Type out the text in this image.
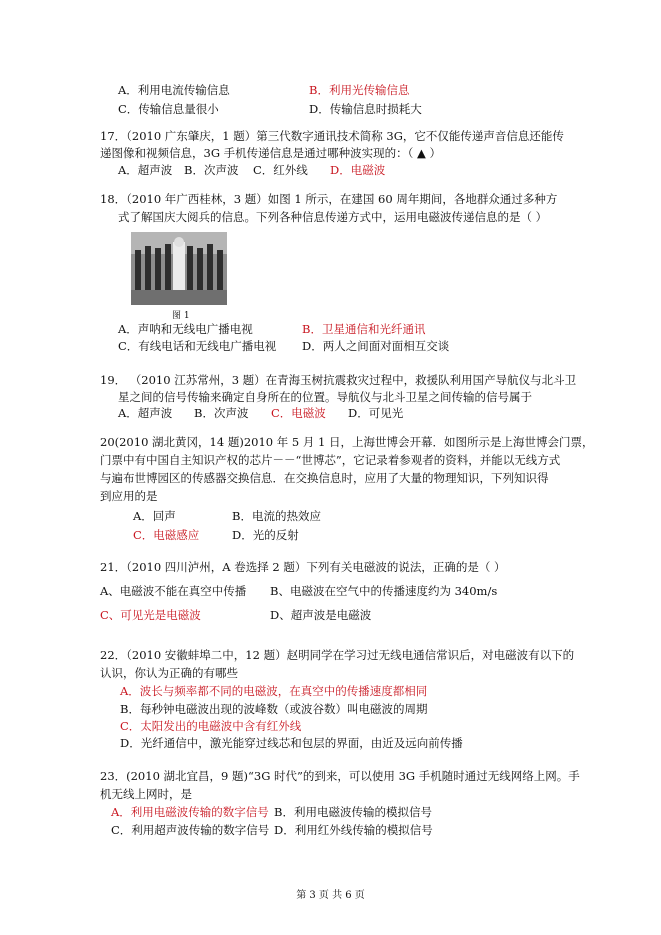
A．利用电流传输信息	B．利用光传输信息
C．传输信息量很小	D．传输信息时损耗大
17．（2010 广东肇庆，1 题）第三代数字通讯技术简称 3G，它不仅能传递声音信息还能传
递图像和视频信息，3G 手机传递信息是通过哪种波实现的：（ ▲ ）
A．超声波 B．次声波 C．红外线 D．电磁波
18．（2010 年广西桂林，3 题）如图 1 所示，在建国 60 周年期间，各地群众通过多种方
式了解国庆大阅兵的信息。下列各种信息传递方式中，运用电磁波传递信息的是（ ）
图 1
A．声呐和无线电广播电视	B．卫星通信和光纤通讯
C．有线电话和无线电广播电视 D．两人之间面对面相互交谈
19． （2010 江苏常州，3 题）在青海玉树抗震救灾过程中，救援队利用国产导航仪与北斗卫
星之间的信号传输来确定自身所在的位置。导航仪与北斗卫星之间传输的信号属于
A．超声波 B．次声波 C．电磁波 D．可见光
20(2010 湖北黄冈，14 题)2010 年 5 月 1 日，上海世博会开幕．如图所示是上海世博会门票，
门票中有中国自主知识产权的芯片－－“世博芯”，它记录着参观者的资料，并能以无线方式
与遍布世博园区的传感器交换信息．在交换信息时，应用了大量的物理知识，下列知识得
到应用的是
A．回声	B．电流的热效应
C．电磁感应	D．光的反射
21．（2010 四川泸州，A 卷选择 2 题）下列有关电磁波的说法，正确的是（ ）
A、电磁波不能在真空中传播 B、电磁波在空气中的传播速度约为 340m/s
C、可见光是电磁波	D、超声波是电磁波
22．（2010 安徽蚌埠二中，12 题）赵明同学在学习过无线电通信常识后，对电磁波有以下的
认识，你认为正确的有哪些
A．波长与频率都不同的电磁波，在真空中的传播速度都相同
B．每秒钟电磁波出现的波峰数（或波谷数）叫电磁波的周期
C．太阳发出的电磁波中含有红外线
D．光纤通信中，激光能穿过线芯和包层的界面，由近及远向前传播
23．(2010 湖北宜昌，9 题)“3G 时代”的到来，可以使用 3G 手机随时通过无线网络上网。手
机无线上网时，是
A．利用电磁波传输的数字信号 B．利用电磁波传输的模拟信号
C．利用超声波传输的数字信号 D．利用红外线传输的模拟信号
第 3 页 共 6 页
